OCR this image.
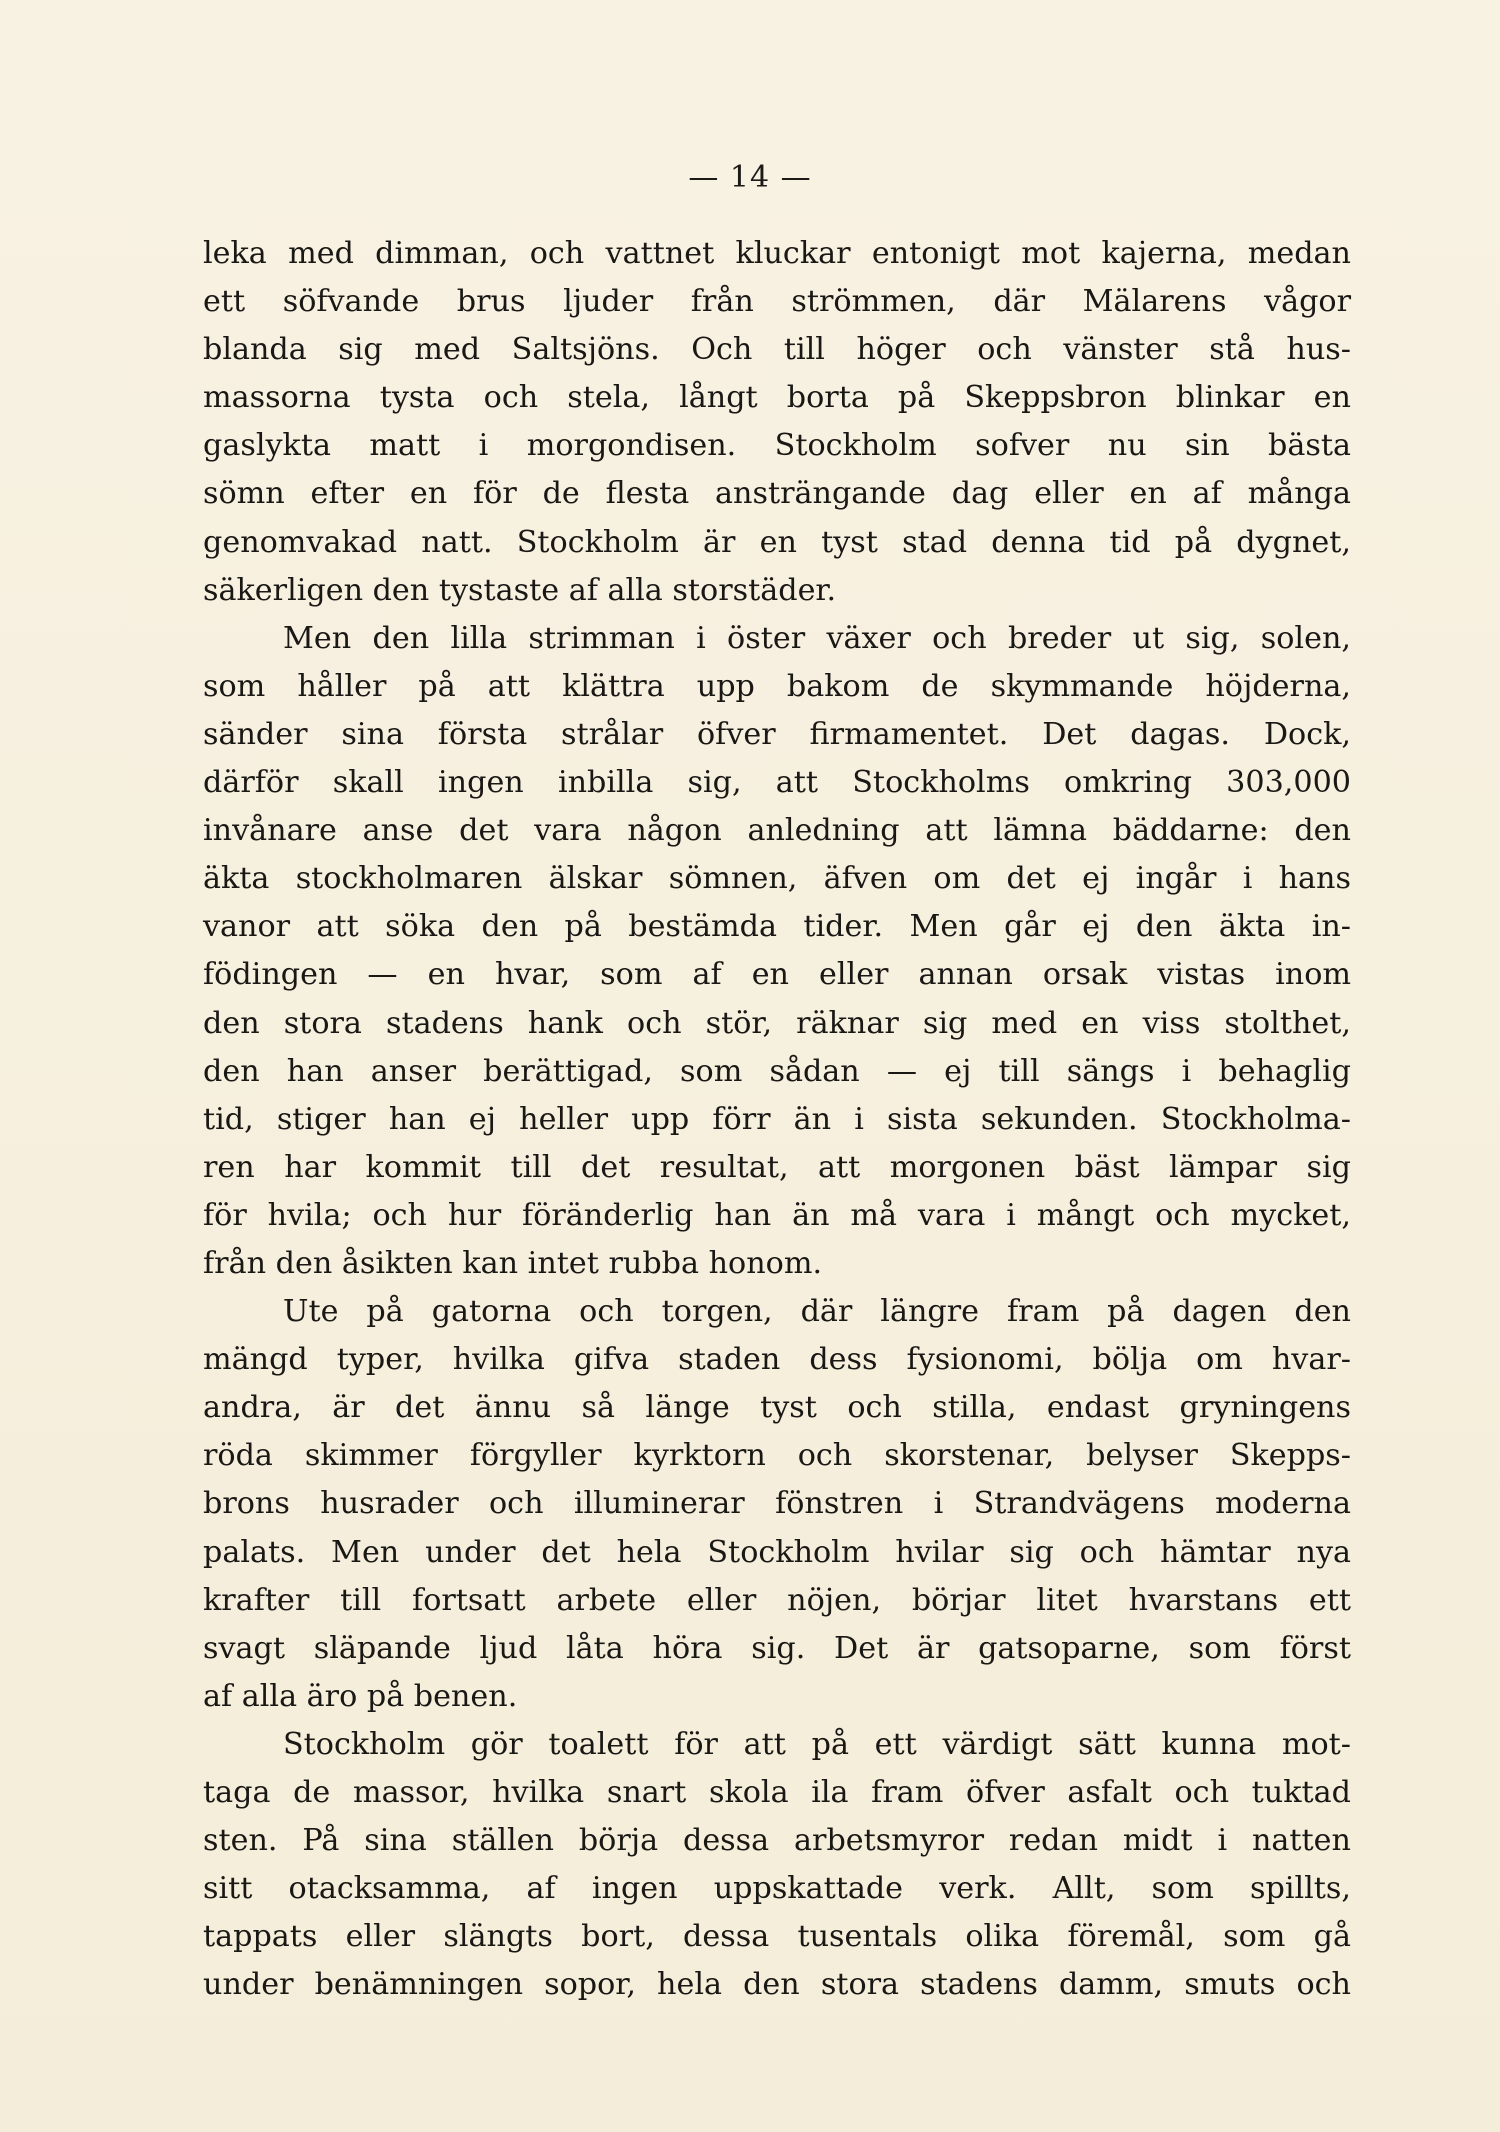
— 14 —
leka med dimman, och vattnet kluckar entonigt mot kajerna, medan
ett söfvande brus ljuder från strömmen, där Mälarens vågor
blanda sig med Saltsjöns. Och till höger och vänster stå hus-
massorna tysta och stela, långt borta på Skeppsbron blinkar en
gaslykta matt i morgondisen. Stockholm sofver nu sin bästa
sömn efter en för de flesta ansträngande dag eller en af många
genomvakad natt. Stockholm är en tyst stad denna tid på dygnet,
säkerligen den tystaste af alla storstäder.
Men den lilla strimman i öster växer och breder ut sig, solen,
som håller på att klättra upp bakom de skymmande höjderna,
sänder sina första strålar öfver firmamentet. Det dagas. Dock,
därför skall ingen inbilla sig, att Stockholms omkring 303,000
invånare anse det vara någon anledning att lämna bäddarne: den
äkta stockholmaren älskar sömnen, äfven om det ej ingår i hans
vanor att söka den på bestämda tider. Men går ej den äkta in-
födingen — en hvar, som af en eller annan orsak vistas inom
den stora stadens hank och stör, räknar sig med en viss stolthet,
den han anser berättigad, som sådan — ej till sängs i behaglig
tid, stiger han ej heller upp förr än i sista sekunden. Stockholma-
ren har kommit till det resultat, att morgonen bäst lämpar sig
för hvila; och hur föränderlig han än må vara i mångt och mycket,
från den åsikten kan intet rubba honom.
Ute på gatorna och torgen, där längre fram på dagen den
mängd typer, hvilka gifva staden dess fysionomi, bölja om hvar-
andra, är det ännu så länge tyst och stilla, endast gryningens
röda skimmer förgyller kyrktorn och skorstenar, belyser Skepps-
brons husrader och illuminerar fönstren i Strandvägens moderna
palats. Men under det hela Stockholm hvilar sig och hämtar nya
krafter till fortsatt arbete eller nöjen, börjar litet hvarstans ett
svagt släpande ljud låta höra sig. Det är gatsoparne, som först
af alla äro på benen.
Stockholm gör toalett för att på ett värdigt sätt kunna mot-
taga de massor, hvilka snart skola ila fram öfver asfalt och tuktad
sten. På sina ställen börja dessa arbetsmyror redan midt i natten
sitt otacksamma, af ingen uppskattade verk. Allt, som spillts,
tappats eller slängts bort, dessa tusentals olika föremål, som gå
under benämningen sopor, hela den stora stadens damm, smuts och
